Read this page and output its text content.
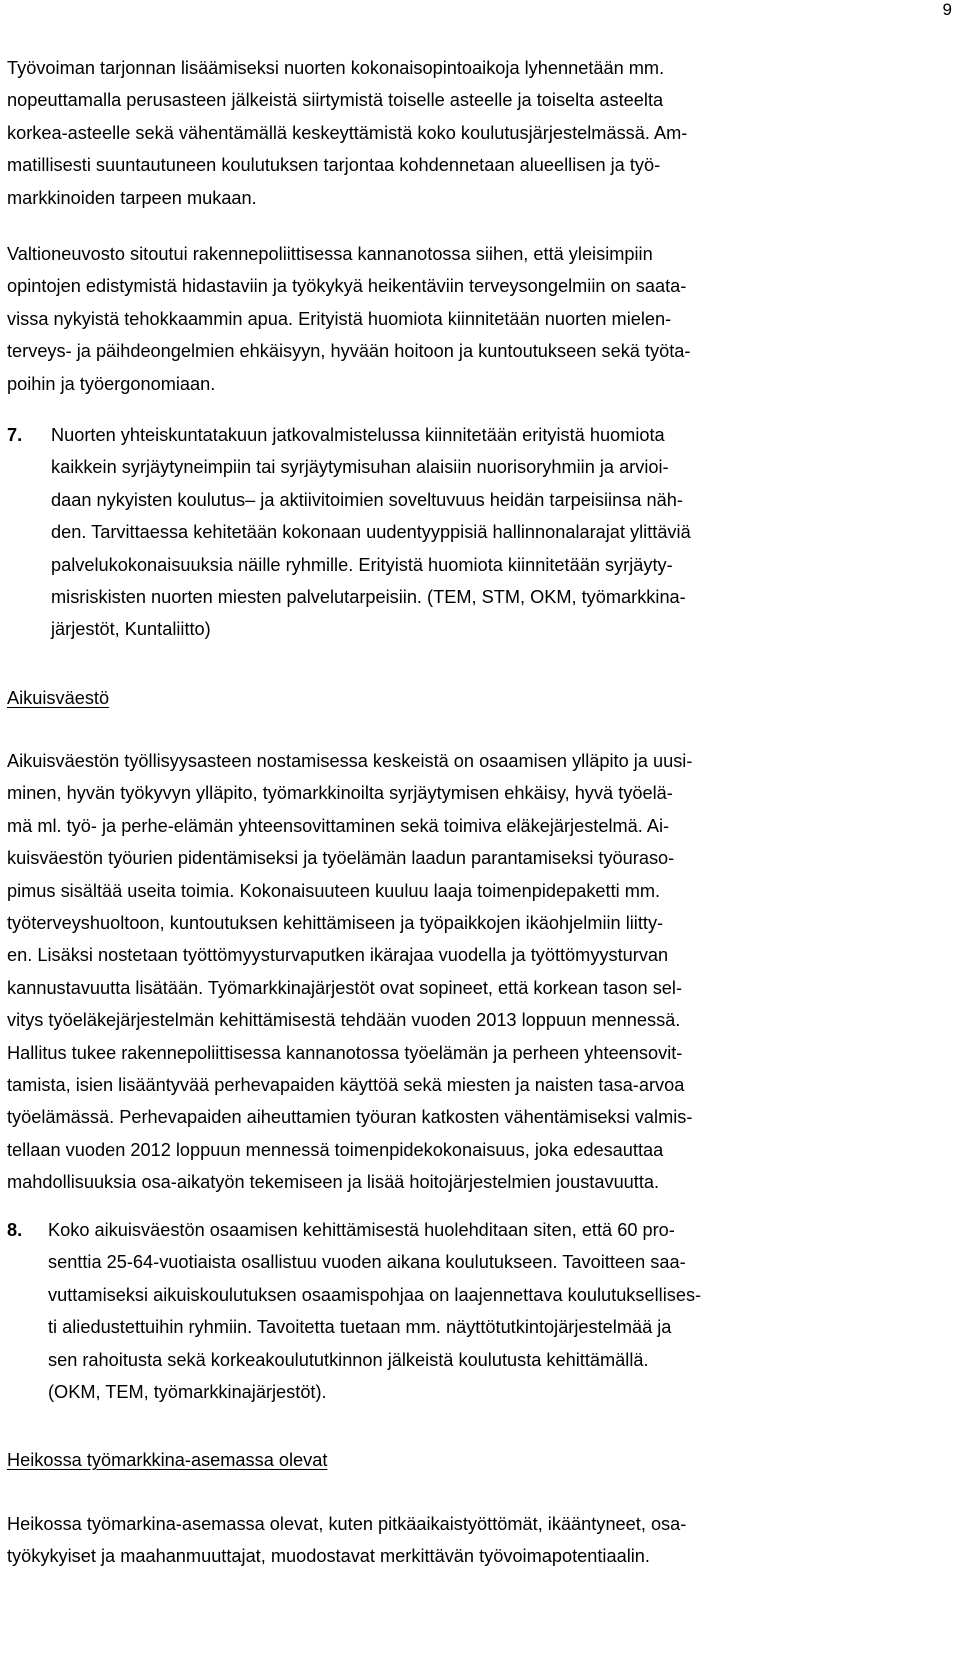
9
Työvoiman tarjonnan lisäämiseksi nuorten kokonaisopintoaikoja lyhennetään mm.
nopeuttamalla perusasteen jälkeistä siirtymistä toiselle asteelle ja toiselta asteelta
korkea-asteelle sekä vähentämällä keskeyttämistä koko koulutusjärjestelmässä. Am-
matillisesti suuntautuneen koulutuksen tarjontaa kohdennetaan alueellisen ja työ-
markkinoiden tarpeen mukaan.
Valtioneuvosto sitoutui rakennepoliittisessa kannanotossa siihen, että yleisimpiin
opintojen edistymistä hidastaviin ja työkykyä heikentäviin terveysongelmiin on saata-
vissa nykyistä tehokkaammin apua. Erityistä huomiota kiinnitetään nuorten mielen-
terveys- ja päihdeongelmien ehkäisyyn, hyvään hoitoon ja kuntoutukseen sekä työta-
poihin ja työergonomiaan.
7. Nuorten yhteiskuntatakuun jatkovalmistelussa kiinnitetään erityistä huomiota
kaikkein syrjäytyneimpiin tai syrjäytymisuhan alaisiin nuorisoryhmiin ja arvioi-
daan nykyisten koulutus– ja aktiivitoimien soveltuvuus heidän tarpeisiinsa näh-
den. Tarvittaessa kehitetään kokonaan uudentyyppisiä hallinnonalarajat ylittäviä
palvelukokonaisuuksia näille ryhmille. Erityistä huomiota kiinnitetään syrjäyty-
misriskisten nuorten miesten palvelutarpeisiin. (TEM, STM, OKM, työmarkkina-
järjestöt, Kuntaliitto)
Aikuisväestö
Aikuisväestön työllisyysasteen nostamisessa keskeistä on osaamisen ylläpito ja uusi-
minen, hyvän työkyvyn ylläpito, työmarkkinoilta syrjäytymisen ehkäisy, hyvä työelä-
mä ml. työ- ja perhe-elämän yhteensovittaminen sekä toimiva eläkejärjestelmä. Ai-
kuisväestön työurien pidentämiseksi ja työelämän laadun parantamiseksi työuraso-
pimus sisältää useita toimia. Kokonaisuuteen kuuluu laaja toimenpidepaketti mm.
työterveyshuoltoon, kuntoutuksen kehittämiseen ja työpaikkojen ikäohjelmiin liitty-
en. Lisäksi nostetaan työttömyysturvaputken ikärajaa vuodella ja työttömyysturvan
kannustavuutta lisätään. Työmarkkinajärjestöt ovat sopineet, että korkean tason sel-
vitys työeläkejärjestelmän kehittämisestä tehdään vuoden 2013 loppuun mennessä.
Hallitus tukee rakennepoliittisessa kannanotossa työelämän ja perheen yhteensovit-
tamista, isien lisääntyvää perhevapaiden käyttöä sekä miesten ja naisten tasa-arvoa
työelämässä. Perhevapaiden aiheuttamien työuran katkosten vähentämiseksi valmis-
tellaan vuoden 2012 loppuun mennessä toimenpidekokonaisuus, joka edesauttaa
mahdollisuuksia osa-aikatyön tekemiseen ja lisää hoitojärjestelmien joustavuutta.
8. Koko aikuisväestön osaamisen kehittämisestä huolehditaan siten, että 60 pro-
senttia 25-64-vuotiaista osallistuu vuoden aikana koulutukseen. Tavoitteen saa-
vuttamiseksi aikuiskoulutuksen osaamispohjaa on laajennettava koulutuksellises-
ti aliedustettuihin ryhmiin. Tavoitetta tuetaan mm. näyttötutkintojärjestelmää ja
sen rahoitusta sekä korkeakoulututkinnon jälkeistä koulutusta kehittämällä.
(OKM, TEM, työmarkkinajärjestöt).
Heikossa työmarkkina-asemassa olevat
Heikossa työmarkina-asemassa olevat, kuten pitkäaikaistyöttömät, ikääntyneet, osa-
työkykyiset ja maahanmuuttajat, muodostavat merkittävän työvoimapotentiaalin.
